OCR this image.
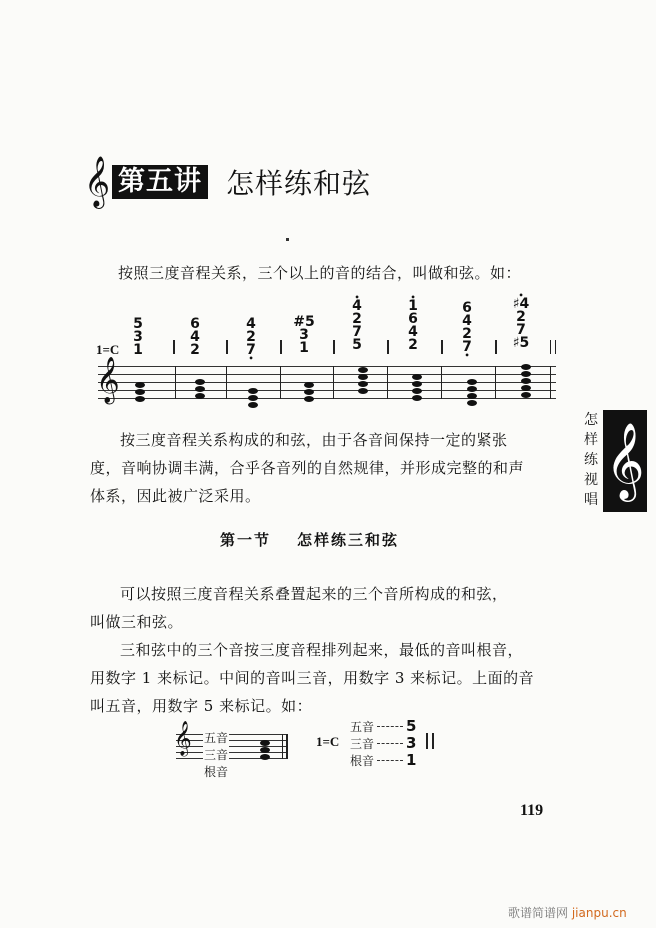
𝄞 第五讲 怎样练和弦
按照三度音程关系，三个以上的音的结合，叫做和弦。如：
1=C
5
3
1
6
4
2
4
2
7 •
#5
3
1
• 4
2
7
5
• 1
6
4
2
6
4
2
7 •
• ♯4
2
7
♯5
𝄞
按三度音程关系构成的和弦，由于各音间保持一定的紧张
度，音响协调丰满，合乎各音列的自然规律，并形成完整的和声
体系，因此被广泛采用。
第一节 怎样练三和弦
可以按照三度音程关系叠置起来的三个音所构成的和弦，
叫做三和弦。
三和弦中的三个音按三度音程排列起来，最低的音叫根音，
用数字 1 来标记。中间的音叫三音，用数字 3 来标记。上面的音
叫五音，用数字 5 来标记。如：
怎
样
练
视
唱
𝄞
𝄞 五音
三音
根音
1=C
五音 5
三音 3
根音 1
119
歌谱简谱网 jianpu.cn
